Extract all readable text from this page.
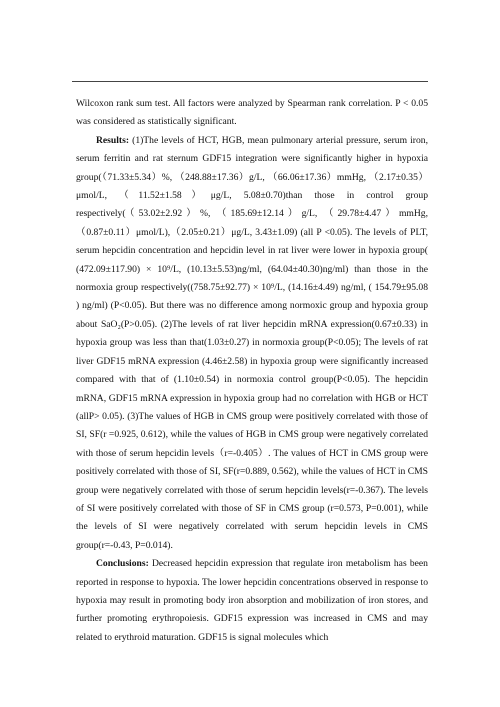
Wilcoxon rank sum test. All factors were analyzed by Spearman rank correlation. P < 0.05 was considered as statistically significant.

Results: (1)The levels of HCT, HGB, mean pulmonary arterial pressure, serum iron, serum ferritin and rat sternum GDF15 integration were significantly higher in hypoxia group(（71.33±5.34）%, （248.88±17.36）g/L, （66.06±17.36）mmHg, （2.17±0.35）μmol/L, （11.52±1.58）μg/L, 5.08±0.70)than those in control group respectively(（53.02±2.92）%, （185.69±12.14）g/L, （29.78±4.47）mmHg, （0.87±0.11）μmol/L),（2.05±0.21）μg/L, 3.43±1.09) (all P <0.05). The levels of PLT, serum hepcidin concentration and hepcidin level in rat liver were lower in hypoxia group( (472.09±117.90) × 10⁹/L, (10.13±5.53)ng/ml, (64.04±40.30)ng/ml) than those in the normoxia group respectively((758.75±92.77) × 10⁹/L, (14.16±4.49) ng/ml, ( 154.79±95.08 ) ng/ml) (P<0.05). But there was no difference among normoxic group and hypoxia group about SaO₂(P>0.05). (2)The levels of rat liver hepcidin mRNA expression(0.67±0.33) in hypoxia group was less than that(1.03±0.27) in normoxia group(P<0.05); The levels of rat liver GDF15 mRNA expression (4.46±2.58) in hypoxia group were significantly increased compared with that of (1.10±0.54) in normoxia control group(P<0.05). The hepcidin mRNA, GDF15 mRNA expression in hypoxia group had no correlation with HGB or HCT (allP> 0.05). (3)The values of HGB in CMS group were positively correlated with those of SI, SF(r =0.925, 0.612), while the values of HGB in CMS group were negatively correlated with those of serum hepcidin levels（r=-0.405）. The values of HCT in CMS group were positively correlated with those of SI, SF(r=0.889, 0.562), while the values of HCT in CMS group were negatively correlated with those of serum hepcidin levels(r=-0.367). The levels of SI were positively correlated with those of SF in CMS group (r=0.573, P=0.001), while the levels of SI were negatively correlated with serum hepcidin levels in CMS group(r=-0.43, P=0.014).

Conclusions: Decreased hepcidin expression that regulate iron metabolism has been reported in response to hypoxia. The lower hepcidin concentrations observed in response to hypoxia may result in promoting body iron absorption and mobilization of iron stores, and further promoting erythropoiesis. GDF15 expression was increased in CMS and may related to erythroid maturation. GDF15 is signal molecules which
